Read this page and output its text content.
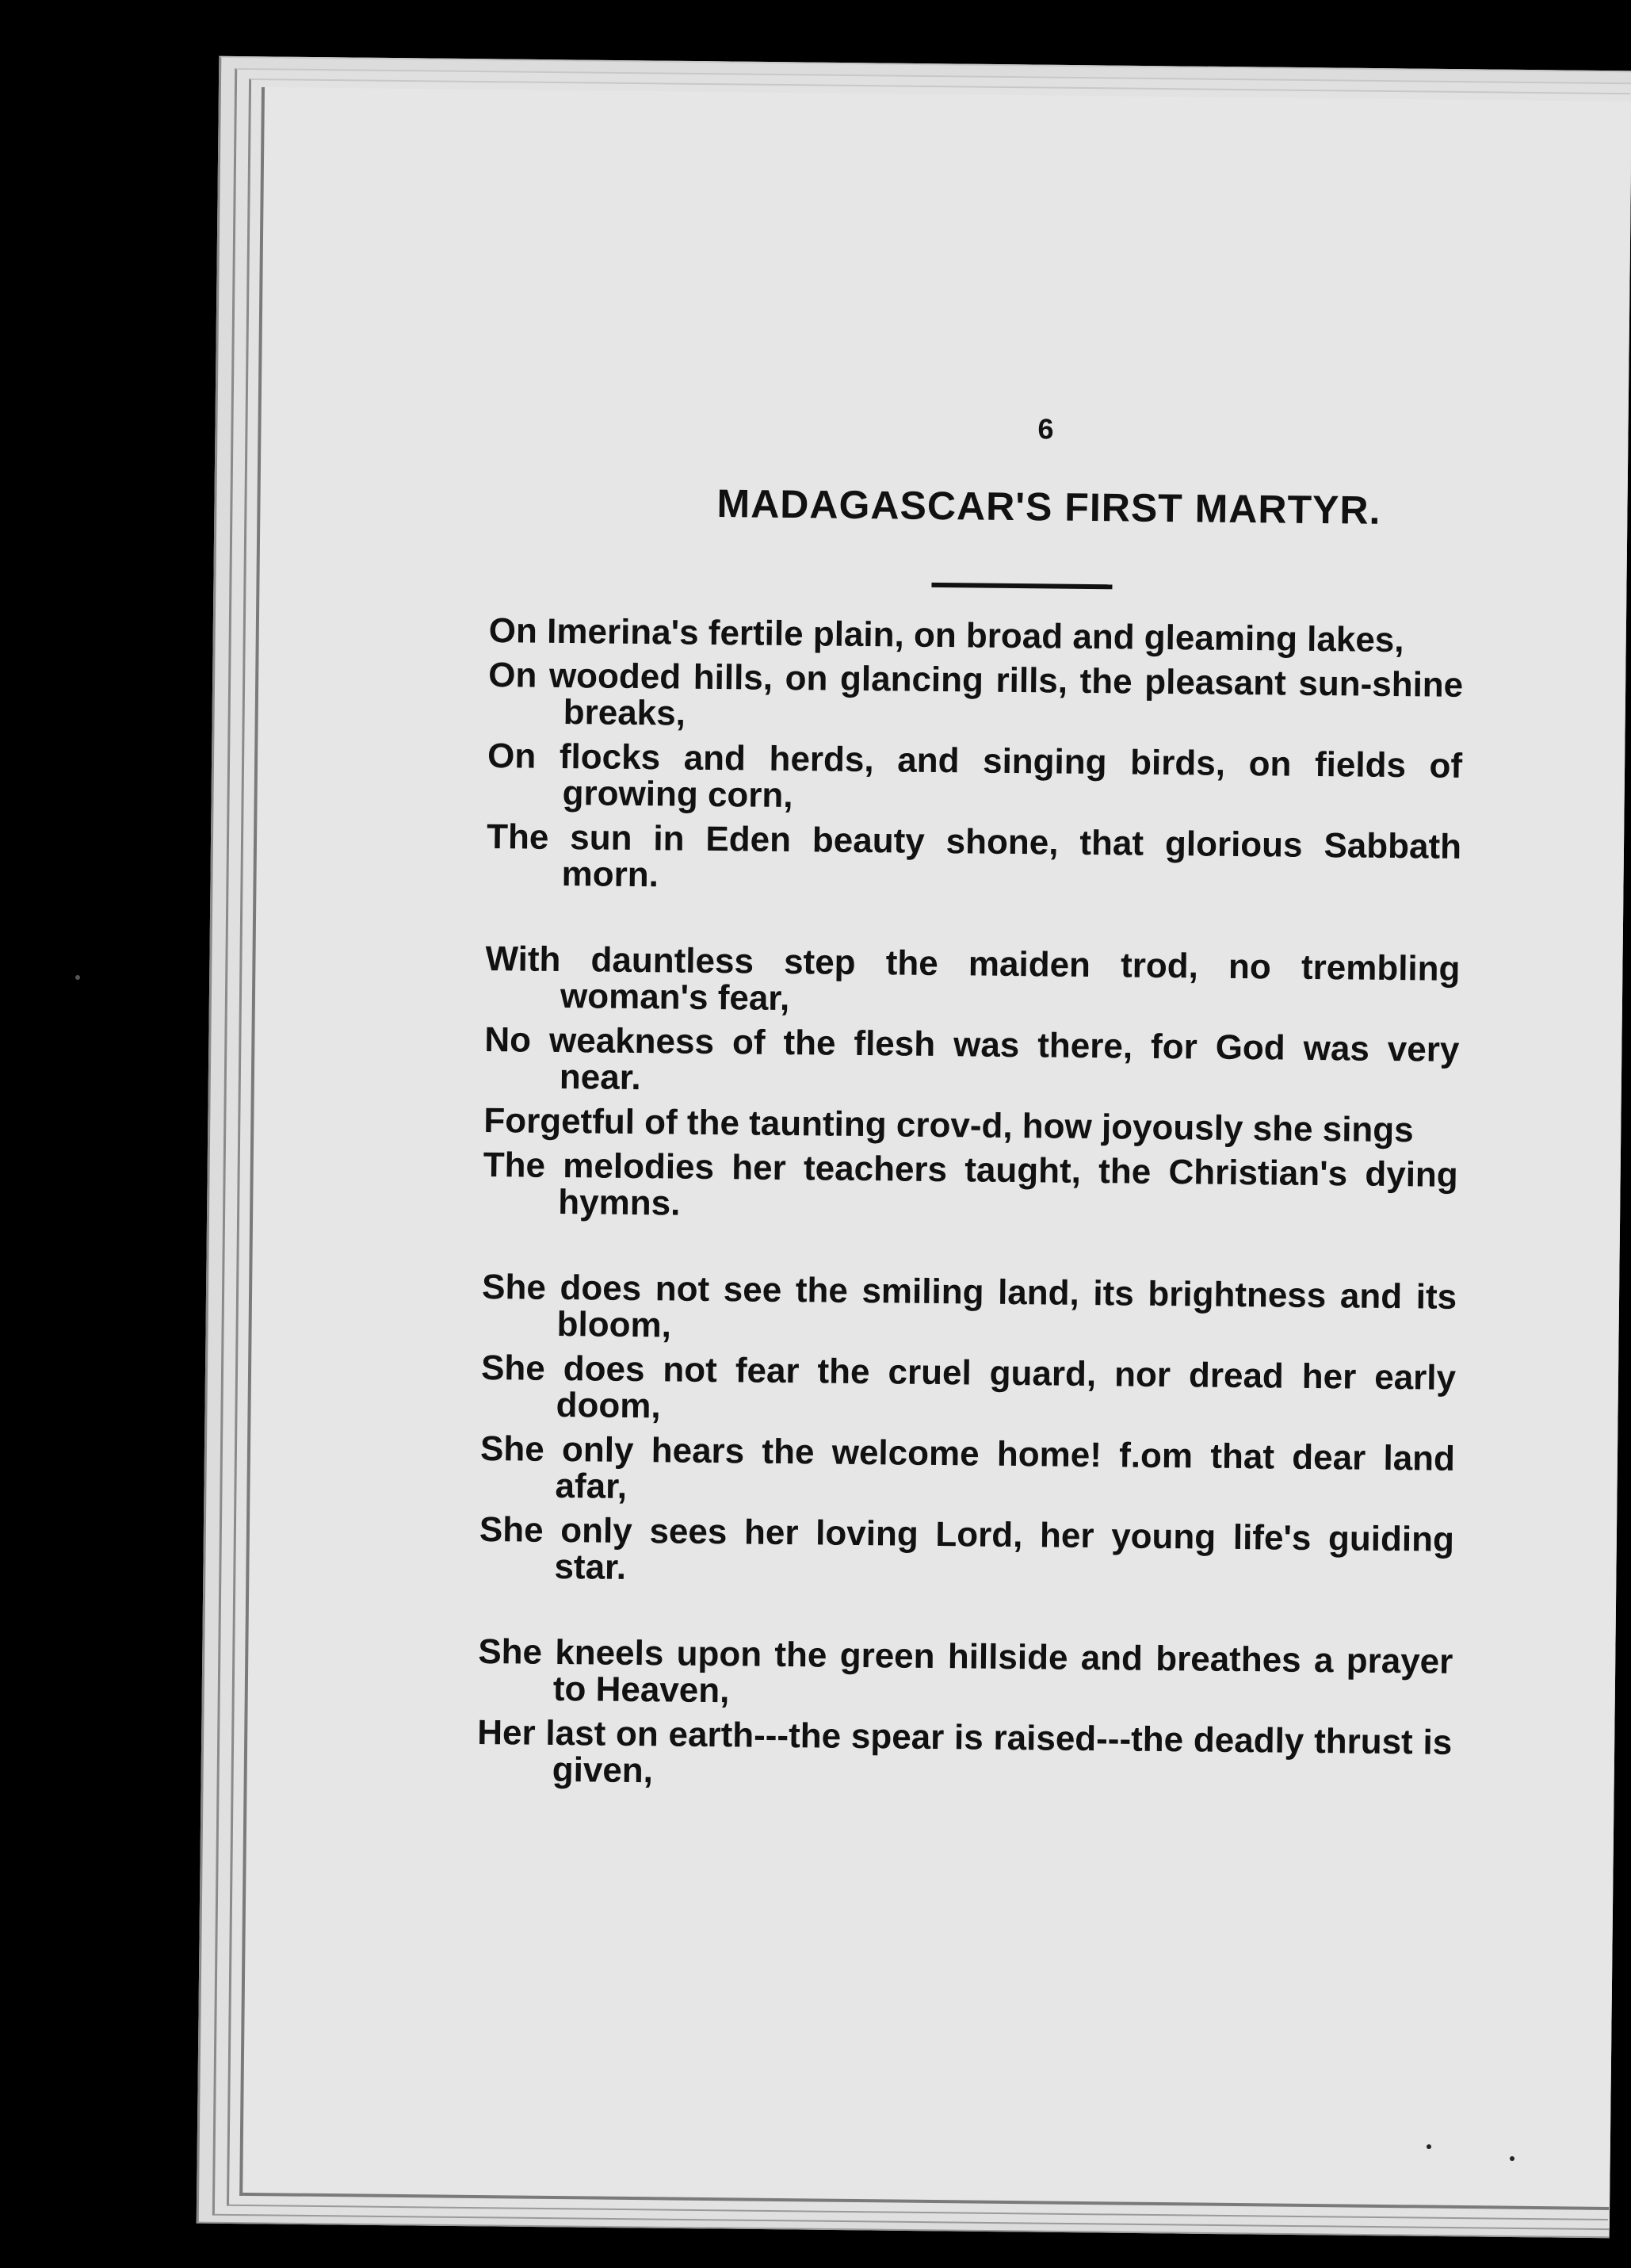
6
MADAGASCAR'S FIRST MARTYR.
On Imerina's fertile plain, on broad and gleaming lakes,
On wooded hills, on glancing rills, the pleasant sun-shine breaks,
On flocks and herds, and singing birds, on fields of growing corn,
The sun in Eden beauty shone, that glorious Sabbath morn.
With dauntless step the maiden trod, no trembling woman's fear,
No weakness of the flesh was there, for God was very near.
Forgetful of the taunting crov-d, how joyously she sings
The melodies her teachers taught, the Christian's dying hymns.
She does not see the smiling land, its brightness and its bloom,
She does not fear the cruel guard, nor dread her early doom,
She only hears the welcome home! f.om that dear land afar,
She only sees her loving Lord, her young life's guiding star.
She kneels upon the green hillside and breathes a prayer to Heaven,
Her last on earth---the spear is raised---the deadly thrust is given,
